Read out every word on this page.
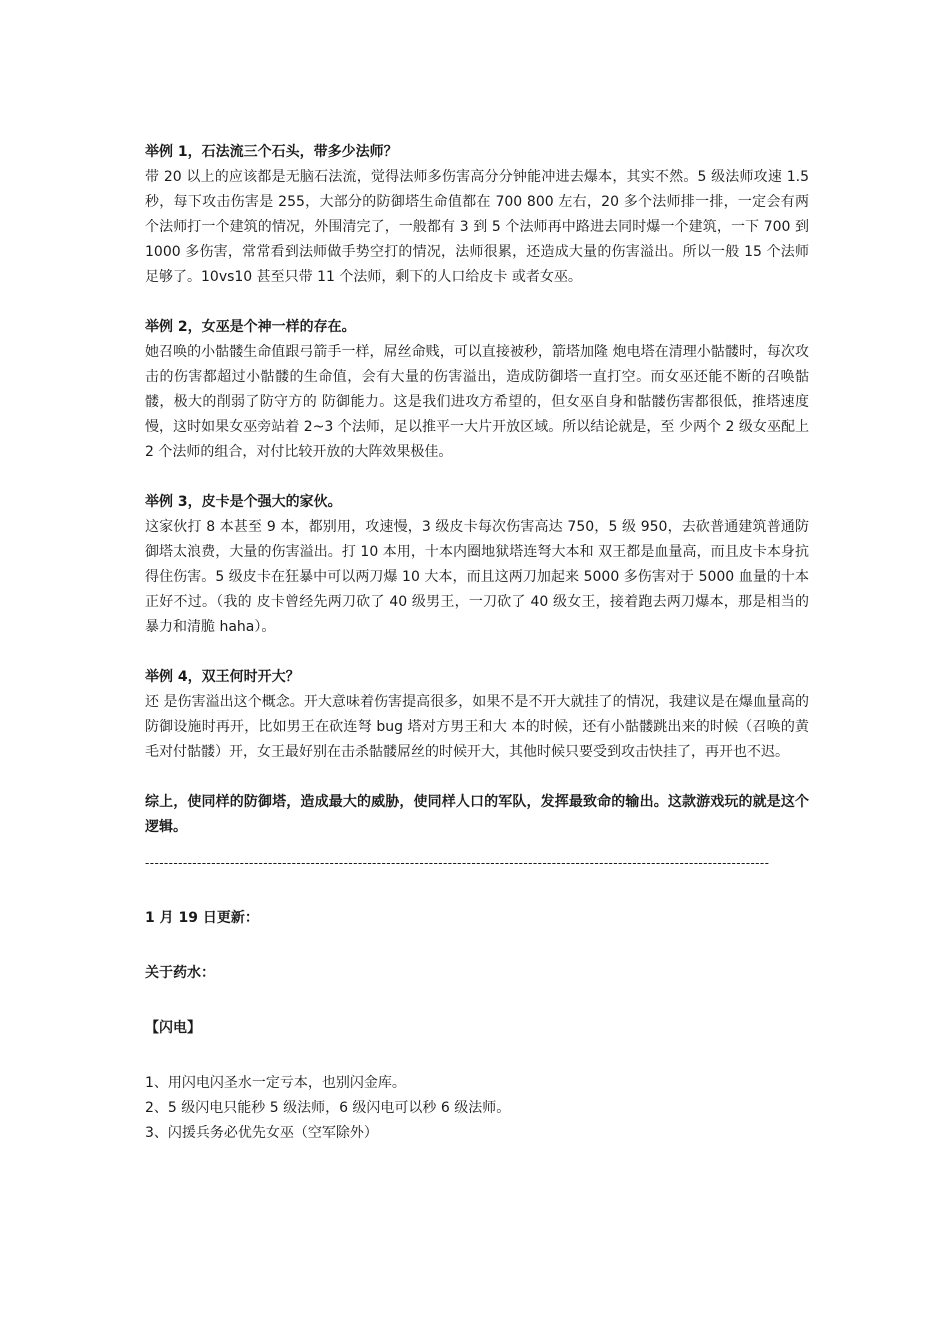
举例 1，石法流三个石头，带多少法师？

带 20 以上的应该都是无脑石法流，觉得法师多伤害高分分钟能冲进去爆本，其实不然。5 级法师攻速 1.5 秒，每下攻击伤害是 255，大部分的防御塔生命值都在 700 800 左右，20 多个法师排一排，一定会有两个法师打一个建筑的情况，外围清完了，一般都有 3 到 5 个法师再中路进去同时爆一个建筑，一下 700 到 1000 多伤害，常常看到法师做手势空打的情况，法师很累，还造成大量的伤害溢出。所以一般 15 个法师足够了。10vs10 甚至只带 11 个法师，剩下的人口给皮卡 或者女巫。

举例 2，女巫是个神一样的存在。

她召唤的小骷髅生命值跟弓箭手一样，屌丝命贱，可以直接被秒，箭塔加隆 炮电塔在清理小骷髅时，每次攻击的伤害都超过小骷髅的生命值，会有大量的伤害溢出，造成防御塔一直打空。而女巫还能不断的召唤骷髅，极大的削弱了防守方的 防御能力。这是我们进攻方希望的，但女巫自身和骷髅伤害都很低，推塔速度慢，这时如果女巫旁站着 2~3 个法师，足以推平一大片开放区域。所以结论就是，至 少两个 2 级女巫配上 2 个法师的组合，对付比较开放的大阵效果极佳。

举例 3，皮卡是个强大的家伙。

这家伙打 8 本甚至 9 本，都别用，攻速慢，3 级皮卡每次伤害高达 750，5 级 950，去砍普通建筑普通防御塔太浪费，大量的伤害溢出。打 10 本用，十本内圈地狱塔连弩大本和 双王都是血量高，而且皮卡本身抗得住伤害。5 级皮卡在狂暴中可以两刀爆 10 大本，而且这两刀加起来 5000 多伤害对于 5000 血量的十本正好不过。（我的 皮卡曾经先两刀砍了 40 级男王，一刀砍了 40 级女王，接着跑去两刀爆本，那是相当的暴力和清脆 haha）。

举例 4，双王何时开大？

还 是伤害溢出这个概念。开大意味着伤害提高很多，如果不是不开大就挂了的情况，我建议是在爆血量高的防御设施时再开，比如男王在砍连弩 bug 塔对方男王和大 本的时候，还有小骷髅跳出来的时候（召唤的黄毛对付骷髅）开，女王最好别在击杀骷髅屌丝的时候开大，其他时候只要受到攻击快挂了，再开也不迟。

综上，使同样的防御塔，造成最大的威胁，使同样人口的军队，发挥最致命的输出。这款游戏玩的就是这个逻辑。

------------------------------------------------------------------------------------------------------------------------------------

1 月 19 日更新：

关于药水：

【闪电】

1、用闪电闪圣水一定亏本，也别闪金库。

2、5 级闪电只能秒 5 级法师，6 级闪电可以秒 6 级法师。

3、闪援兵务必优先女巫（空军除外）
